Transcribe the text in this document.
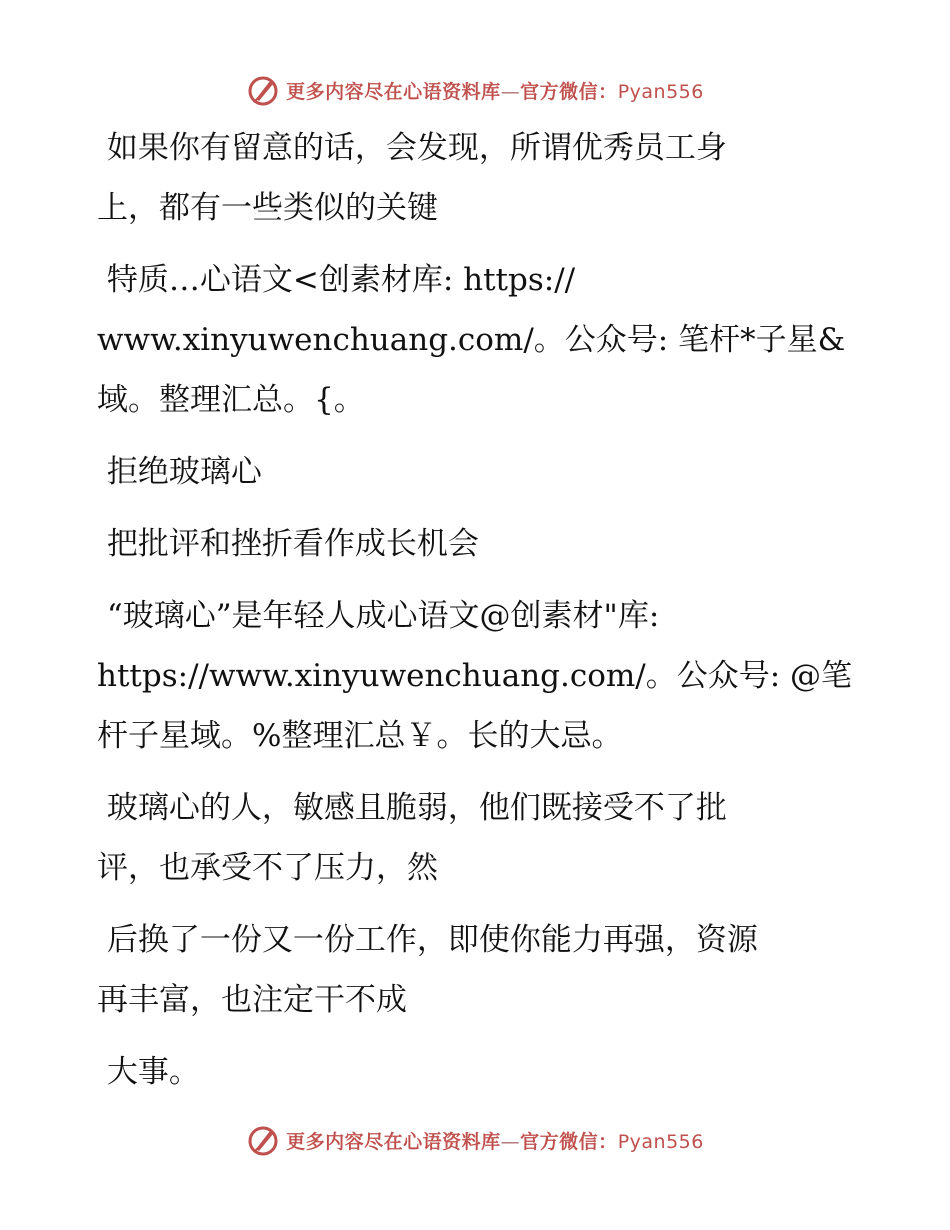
更多内容尽在心语资料库—官方微信：Pyan556
如果你有留意的话，会发现，所谓优秀员工身
上，都有一些类似的关键
特质…心语文<创素材库: https://
www.xinyuwenchuang.com/。公众号: 笔杆*子星&
域。整理汇总。{。
拒绝玻璃心
把批评和挫折看作成长机会
“玻璃心”是年轻人成心语文@创素材"库:
https://www.xinyuwenchuang.com/。公众号: @笔
杆子星域。%整理汇总￥。长的大忌。
玻璃心的人，敏感且脆弱，他们既接受不了批
评，也承受不了压力，然
后换了一份又一份工作，即使你能力再强，资源
再丰富，也注定干不成
大事。
更多内容尽在心语资料库—官方微信：Pyan556
